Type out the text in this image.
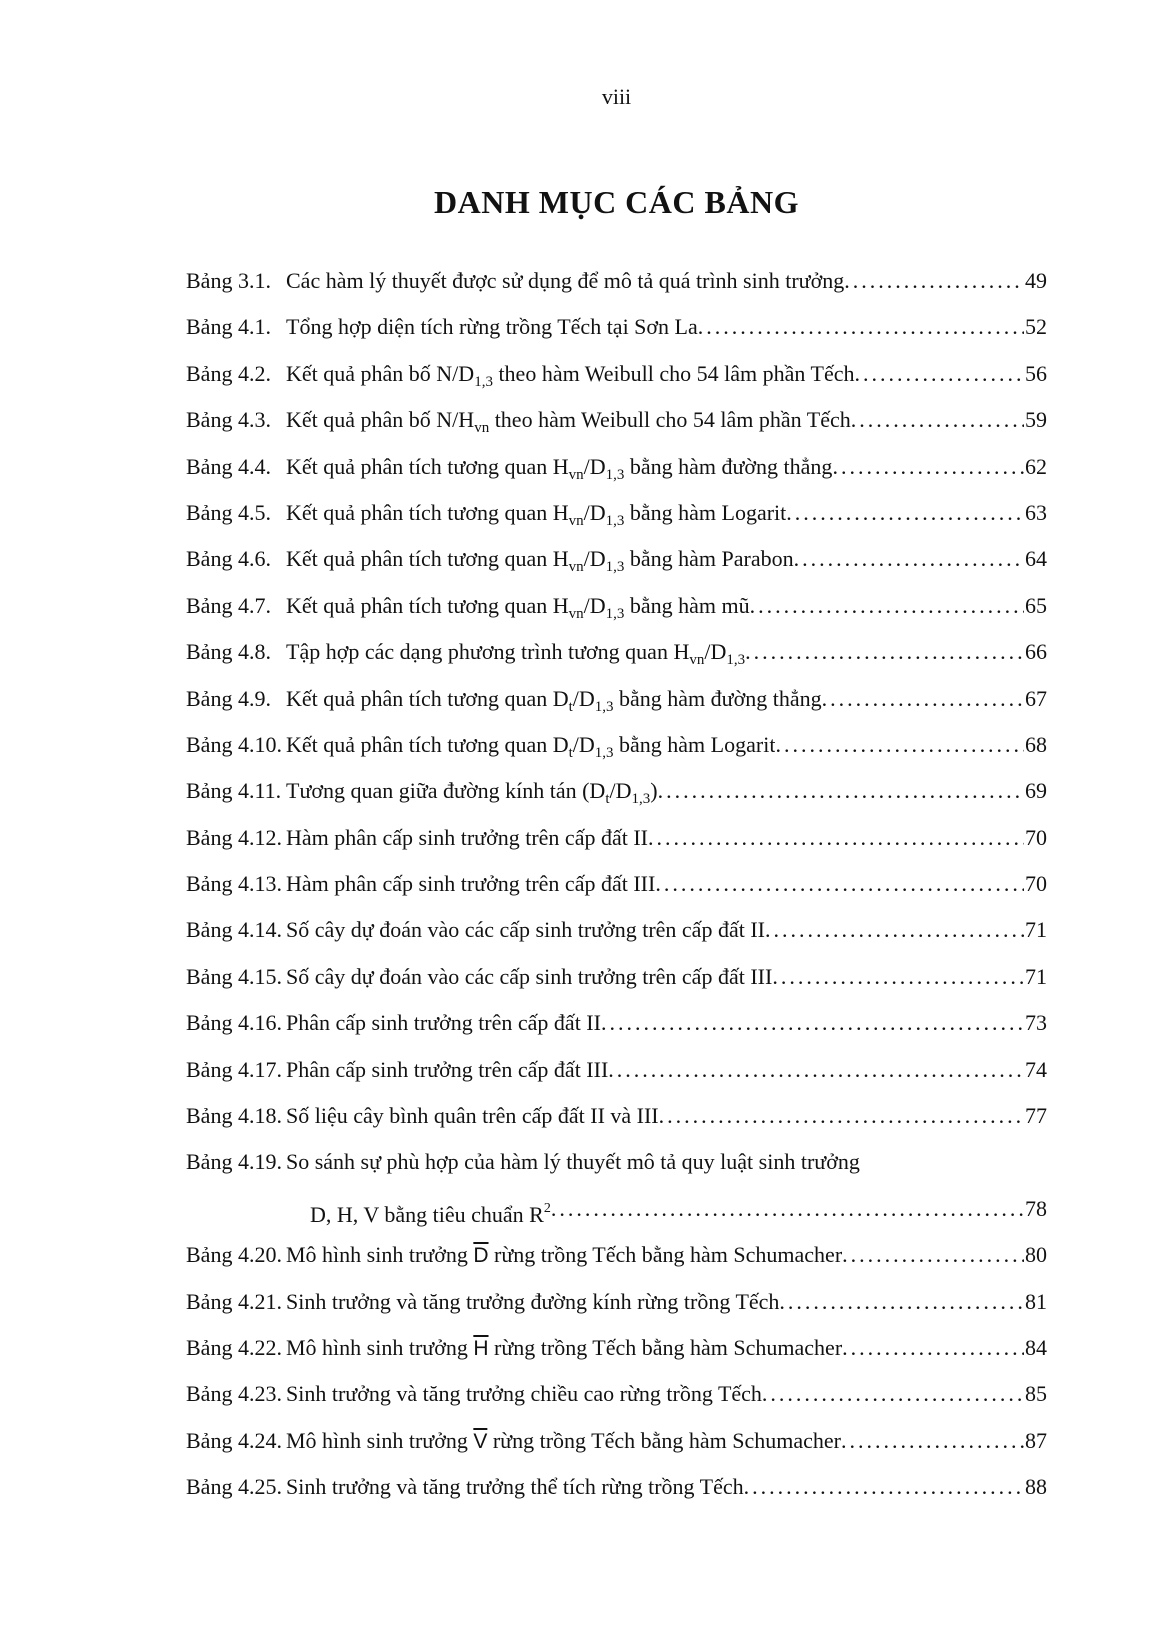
viii
DANH MỤC CÁC BẢNG
Bảng 3.1. Các hàm lý thuyết được sử dụng để mô tả quá trình sinh trưởng .....	49
Bảng 4.1. Tổng hợp diện tích rừng trồng Tếch tại Sơn La .....	52
Bảng 4.2. Kết quả phân bố $N/D_{1,3}$ theo hàm Weibull cho 54 lâm phần Tếch .....	56
Bảng 4.3. Kết quả phân bố $N/H_{vn}$ theo hàm Weibull cho 54 lâm phần Tếch .....	59
Bảng 4.4. Kết quả phân tích tương quan $H_{vn}/D_{1,3}$ bằng hàm đường thẳng .....	62
Bảng 4.5. Kết quả phân tích tương quan $H_{vn}/D_{1,3}$ bằng hàm Logarit .....	63
Bảng 4.6. Kết quả phân tích tương quan $H_{vn}/D_{1,3}$ bằng hàm Parabon .....	64
Bảng 4.7. Kết quả phân tích tương quan $H_{vn}/D_{1,3}$ bằng hàm mũ .....	65
Bảng 4.8. Tập hợp các dạng phương trình tương quan $H_{vn}/D_{1,3}$ .....	66
Bảng 4.9. Kết quả phân tích tương quan $D_t/D_{1,3}$ bằng hàm đường thẳng .....	67
Bảng 4.10. Kết quả phân tích tương quan $D_t/D_{1,3}$ bằng hàm Logarit .....	68
Bảng 4.11. Tương quan giữa đường kính tán $(D_t/D_{1,3})$ .....	69
Bảng 4.12. Hàm phân cấp sinh trưởng trên cấp đất II .....	70
Bảng 4.13. Hàm phân cấp sinh trưởng trên cấp đất III .....	70
Bảng 4.14. Số cây dự đoán vào các cấp sinh trưởng trên cấp đất II .....	71
Bảng 4.15. Số cây dự đoán vào các cấp sinh trưởng trên cấp đất III .....	71
Bảng 4.16. Phân cấp sinh trưởng trên cấp đất II .....	73
Bảng 4.17. Phân cấp sinh trưởng trên cấp đất III .....	74
Bảng 4.18. Số liệu cây bình quân trên cấp đất II và III .....	77
Bảng 4.19. So sánh sự phù hợp của hàm lý thuyết mô tả quy luật sinh trưởng
D, H, V bằng tiêu chuẩn $R^2$ .....	78
Bảng 4.20. Mô hình sinh trưởng $\overline{D}$ rừng trồng Tếch bằng hàm Schumacher .....	80
Bảng 4.21. Sinh trưởng và tăng trưởng đường kính rừng trồng Tếch .....	81
Bảng 4.22. Mô hình sinh trưởng $\overline{H}$ rừng trồng Tếch bằng hàm Schumacher .....	84
Bảng 4.23. Sinh trưởng và tăng trưởng chiều cao rừng trồng Tếch .....	85
Bảng 4.24. Mô hình sinh trưởng $\overline{V}$ rừng trồng Tếch bằng hàm Schumacher .....	87
Bảng 4.25. Sinh trưởng và tăng trưởng thể tích rừng trồng Tếch .....	88
